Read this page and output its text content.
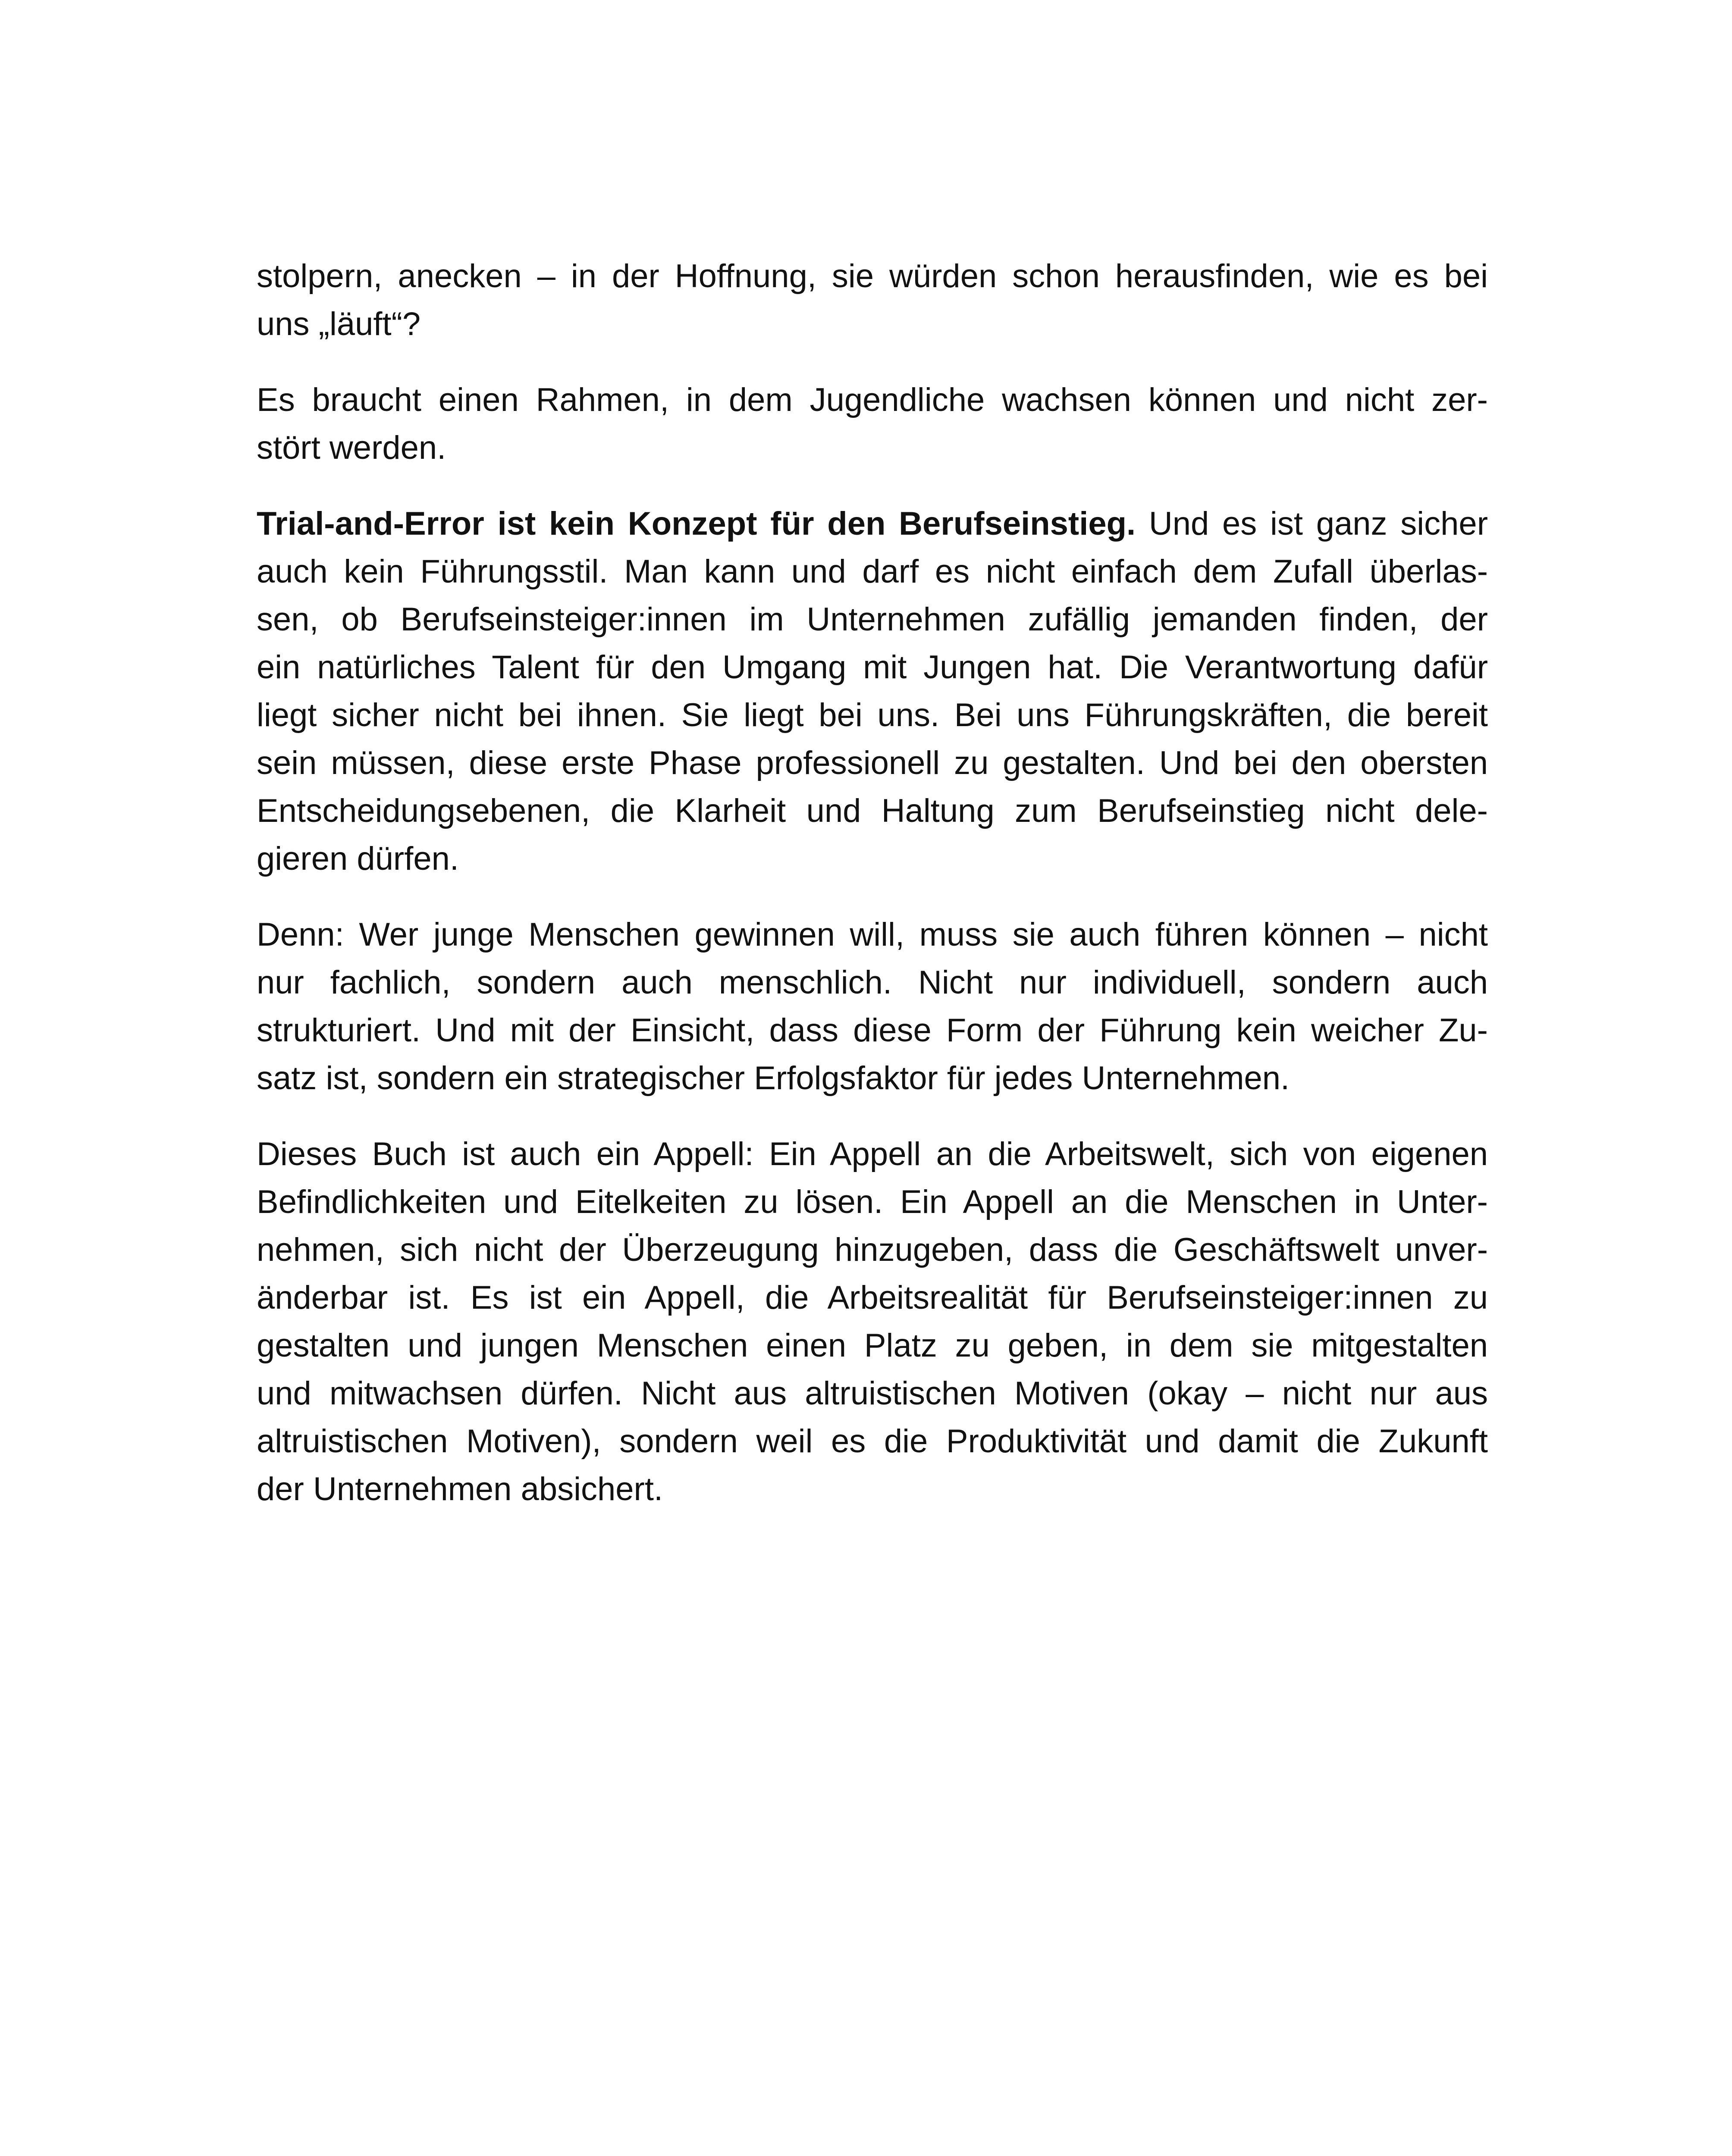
stolpern, anecken – in der Hoffnung, sie würden schon herausfinden, wie es bei
uns „läuft“?
Es braucht einen Rahmen, in dem Jugendliche wachsen können und nicht zer-
stört werden.
Trial-and-Error ist kein Konzept für den Berufseinstieg. Und es ist ganz sicher
auch kein Führungsstil. Man kann und darf es nicht einfach dem Zufall überlas-
sen, ob Berufseinsteiger:innen im Unternehmen zufällig jemanden finden, der
ein natürliches Talent für den Umgang mit Jungen hat. Die Verantwortung dafür
liegt sicher nicht bei ihnen. Sie liegt bei uns. Bei uns Führungskräften, die bereit
sein müssen, diese erste Phase professionell zu gestalten. Und bei den obersten
Entscheidungsebenen, die Klarheit und Haltung zum Berufseinstieg nicht dele-
gieren dürfen.
Denn: Wer junge Menschen gewinnen will, muss sie auch führen können – nicht
nur fachlich, sondern auch menschlich. Nicht nur individuell, sondern auch
strukturiert. Und mit der Einsicht, dass diese Form der Führung kein weicher Zu-
satz ist, sondern ein strategischer Erfolgsfaktor für jedes Unternehmen.
Dieses Buch ist auch ein Appell: Ein Appell an die Arbeitswelt, sich von eigenen
Befindlichkeiten und Eitelkeiten zu lösen. Ein Appell an die Menschen in Unter-
nehmen, sich nicht der Überzeugung hinzugeben, dass die Geschäftswelt unver-
änderbar ist. Es ist ein Appell, die Arbeitsrealität für Berufseinsteiger:innen zu
gestalten und jungen Menschen einen Platz zu geben, in dem sie mitgestalten
und mitwachsen dürfen. Nicht aus altruistischen Motiven (okay – nicht nur aus
altruistischen Motiven), sondern weil es die Produktivität und damit die Zukunft
der Unternehmen absichert.
